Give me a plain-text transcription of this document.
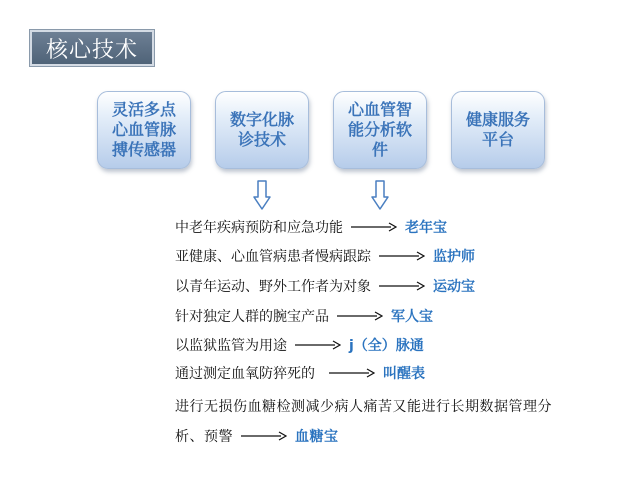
核心技术
灵活多点心血管脉搏传感器
数字化脉诊技术
心血管智能分析软件
健康服务平台
中老年疾病预防和应急功能	老年宝
亚健康、心血管病患者慢病跟踪	监护师
以青年运动、野外工作者为对象	运动宝
针对独定人群的腕宝产品	军人宝
以监狱监管为用途	j（全）脉通
通过测定血氧防猝死的	叫醒表
进行无损伤血糖检测减少病人痛苦又能进行长期数据管理分析、预警	血糖宝
